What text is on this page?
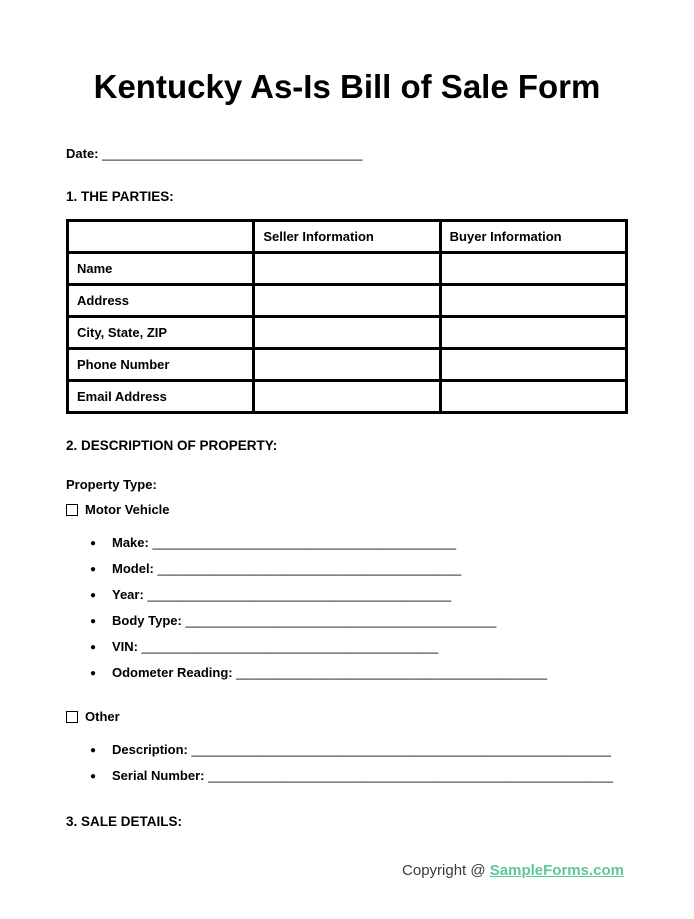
Kentucky As-Is Bill of Sale Form
Date: ____________________________________
1. THE PARTIES:
	Seller Information	Buyer Information
Name		
Address		
City, State, ZIP		
Phone Number		
Email Address		
2. DESCRIPTION OF PROPERTY:
Property Type:
Motor Vehicle
● Make: __________________________________________
● Model: __________________________________________
● Year: __________________________________________
● Body Type: ___________________________________________
● VIN: _________________________________________
● Odometer Reading: ___________________________________________
Other
● Description: __________________________________________________________
● Serial Number: ________________________________________________________
3. SALE DETAILS:
Copyright @ SampleForms.com
